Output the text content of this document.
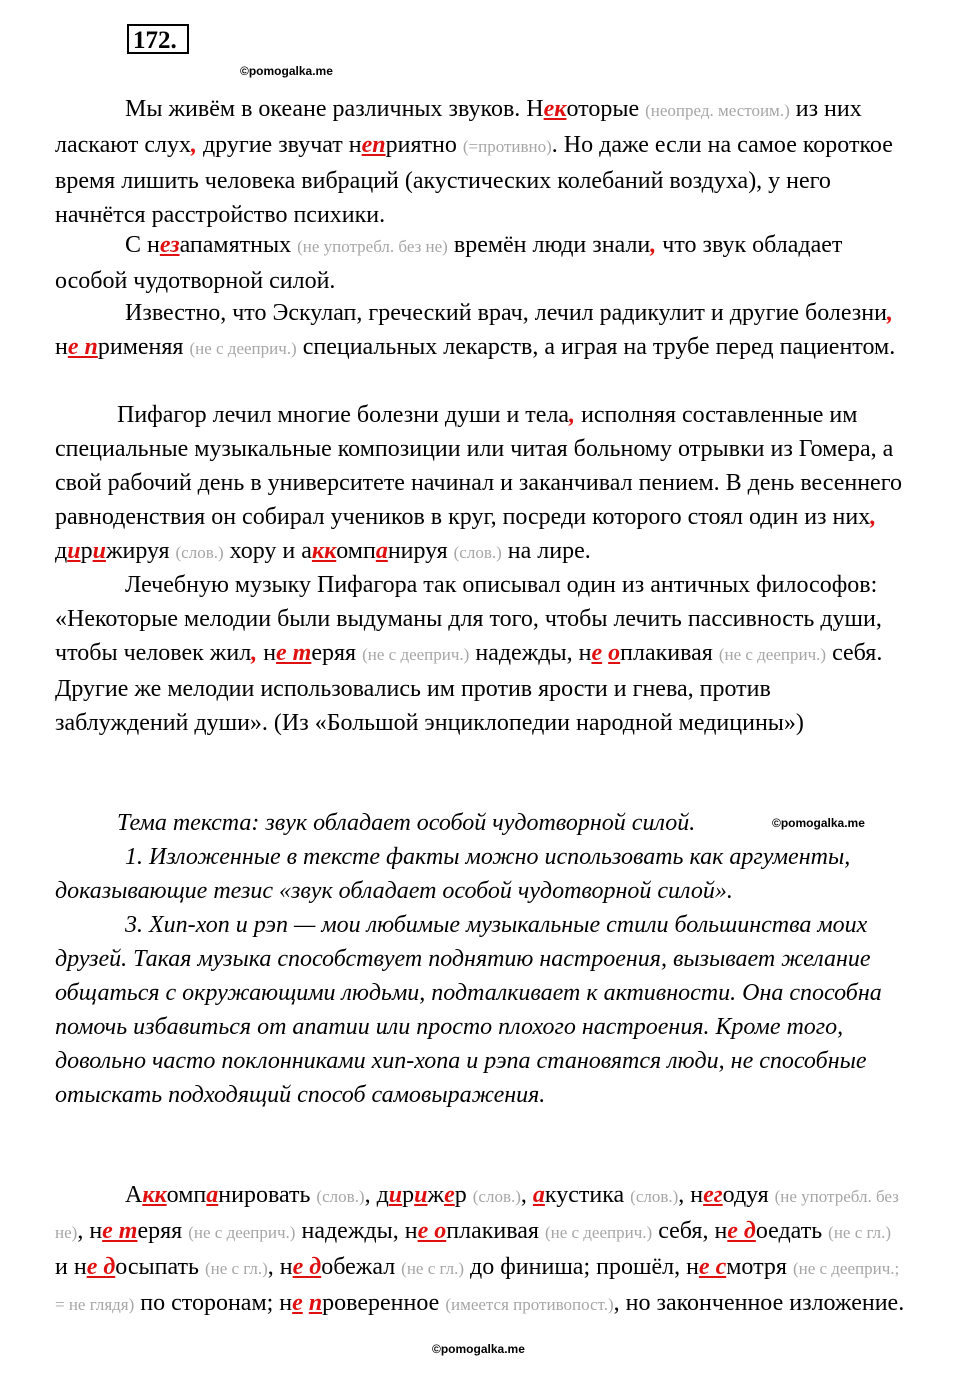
172.
©pomogalka.me
Мы живём в океане различных звуков. Некоторые (неопред. местоим.) из них ласкают слух, другие звучат неприятно (=противно). Но даже если на самое короткое время лишить человека вибраций (акустических колебаний воздуха), у него начнётся расстройство психики.
С незапамятных (не употребл. без не) времён люди знали, что звук обладает особой чудотворной силой.
Известно, что Эскулап, греческий врач, лечил радикулит и другие болезни, не применяя (не с дееприч.) специальных лекарств, а играя на трубе перед пациентом.
Пифагор лечил многие болезни души и тела, исполняя составленные им специальные музыкальные композиции или читая больному отрывки из Гомера, а свой рабочий день в университете начинал и заканчивал пением. В день весеннего равноденствия он собирал учеников в круг, посреди которого стоял один из них, дирижируя (слов.) хору и аккомпанируя (слов.) на лире.
Лечебную музыку Пифагора так описывал один из античных философов: «Некоторые мелодии были выдуманы для того, чтобы лечить пассивность души, чтобы человек жил, не теряя (не с дееприч.) надежды, не оплакивая (не с дееприч.) себя. Другие же мелодии использовались им против ярости и гнева, против заблуждений души». (Из «Большой энциклопедии народной медицины»)
Тема текста: звук обладает особой чудотворной силой.	©pomogalka.me
1. Изложенные в тексте факты можно использовать как аргументы, доказывающие тезис «звук обладает особой чудотворной силой».
3. Хип-хоп и рэп — мои любимые музыкальные стили большинства моих друзей. Такая музыка способствует поднятию настроения, вызывает желание общаться с окружающими людьми, подталкивает к активности. Она способна помочь избавиться от апатии или просто плохого настроения. Кроме того, довольно часто поклонниками хип-хопа и рэпа становятся люди, не способные отыскать подходящий способ самовыражения.
Аккомпанировать (слов.), дирижер (слов.), акустика (слов.), негодуя (не употребл. без не), не теряя (не с дееприч.) надежды, не оплакивая (не с дееприч.) себя, не доедать (не с гл.) и не досыпать (не с гл.), не добежал (не с гл.) до финиша; прошёл, не смотря (не с дееприч.; = не глядя) по сторонам; не проверенное (имеется противопост.), но законченное изложение.
©pomogalka.me
